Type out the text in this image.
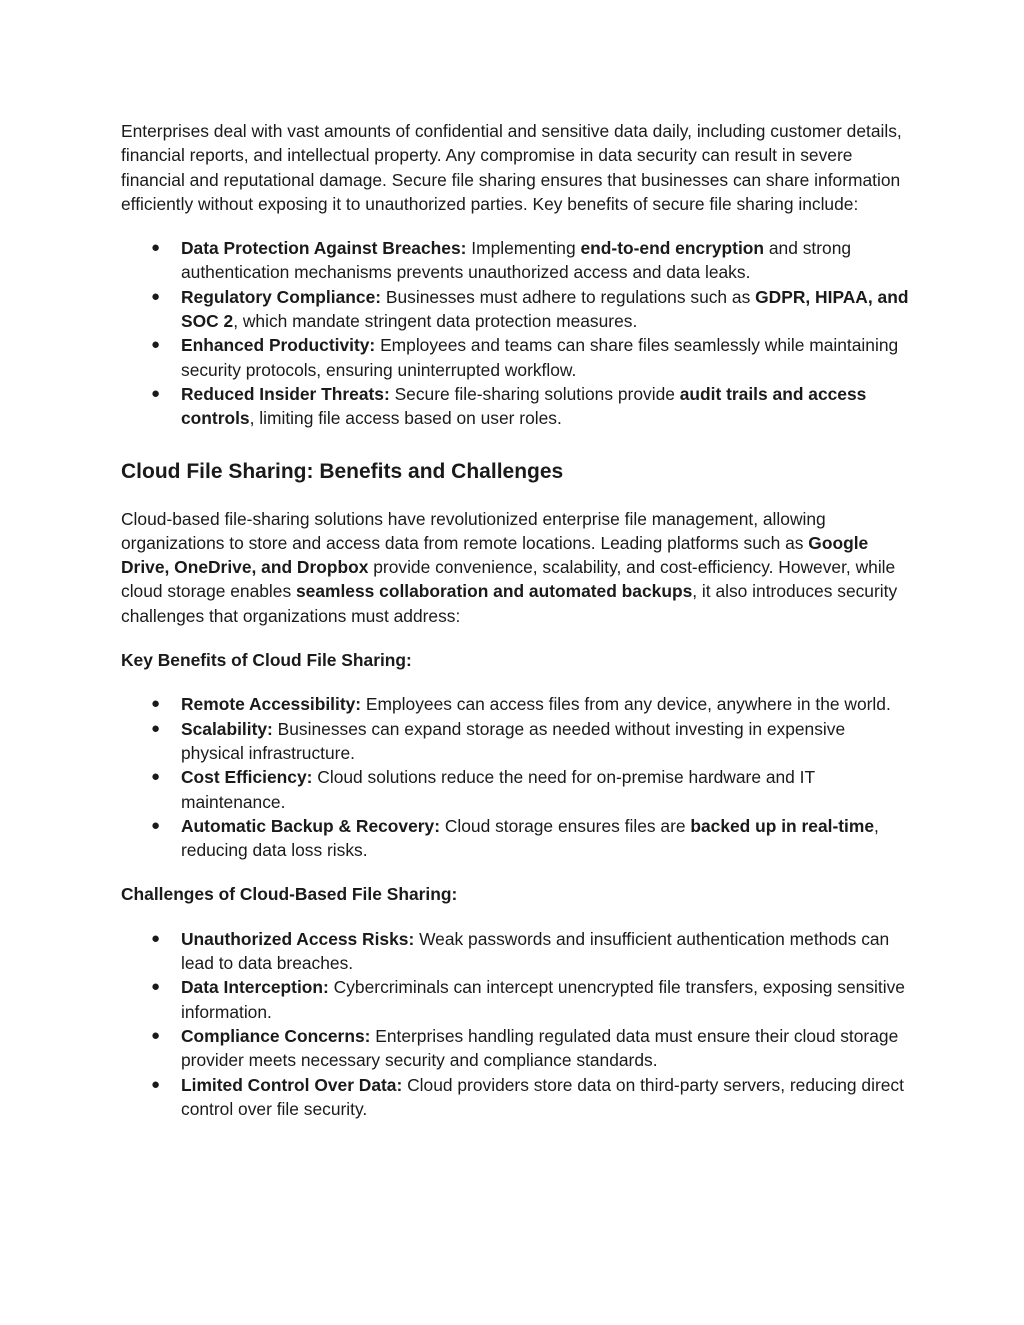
Enterprises deal with vast amounts of confidential and sensitive data daily, including customer details, financial reports, and intellectual property. Any compromise in data security can result in severe financial and reputational damage. Secure file sharing ensures that businesses can share information efficiently without exposing it to unauthorized parties. Key benefits of secure file sharing include:

● Data Protection Against Breaches: Implementing end-to-end encryption and strong authentication mechanisms prevents unauthorized access and data leaks.
● Regulatory Compliance: Businesses must adhere to regulations such as GDPR, HIPAA, and SOC 2, which mandate stringent data protection measures.
● Enhanced Productivity: Employees and teams can share files seamlessly while maintaining security protocols, ensuring uninterrupted workflow.
● Reduced Insider Threats: Secure file-sharing solutions provide audit trails and access controls, limiting file access based on user roles.
Cloud File Sharing: Benefits and Challenges

Cloud-based file-sharing solutions have revolutionized enterprise file management, allowing organizations to store and access data from remote locations. Leading platforms such as Google Drive, OneDrive, and Dropbox provide convenience, scalability, and cost-efficiency. However, while cloud storage enables seamless collaboration and automated backups, it also introduces security challenges that organizations must address:

Key Benefits of Cloud File Sharing:

● Remote Accessibility: Employees can access files from any device, anywhere in the world.
● Scalability: Businesses can expand storage as needed without investing in expensive physical infrastructure.
● Cost Efficiency: Cloud solutions reduce the need for on-premise hardware and IT maintenance.
● Automatic Backup & Recovery: Cloud storage ensures files are backed up in real-time, reducing data loss risks.

Challenges of Cloud-Based File Sharing:

● Unauthorized Access Risks: Weak passwords and insufficient authentication methods can lead to data breaches.
● Data Interception: Cybercriminals can intercept unencrypted file transfers, exposing sensitive information.
● Compliance Concerns: Enterprises handling regulated data must ensure their cloud storage provider meets necessary security and compliance standards.
● Limited Control Over Data: Cloud providers store data on third-party servers, reducing direct control over file security.
